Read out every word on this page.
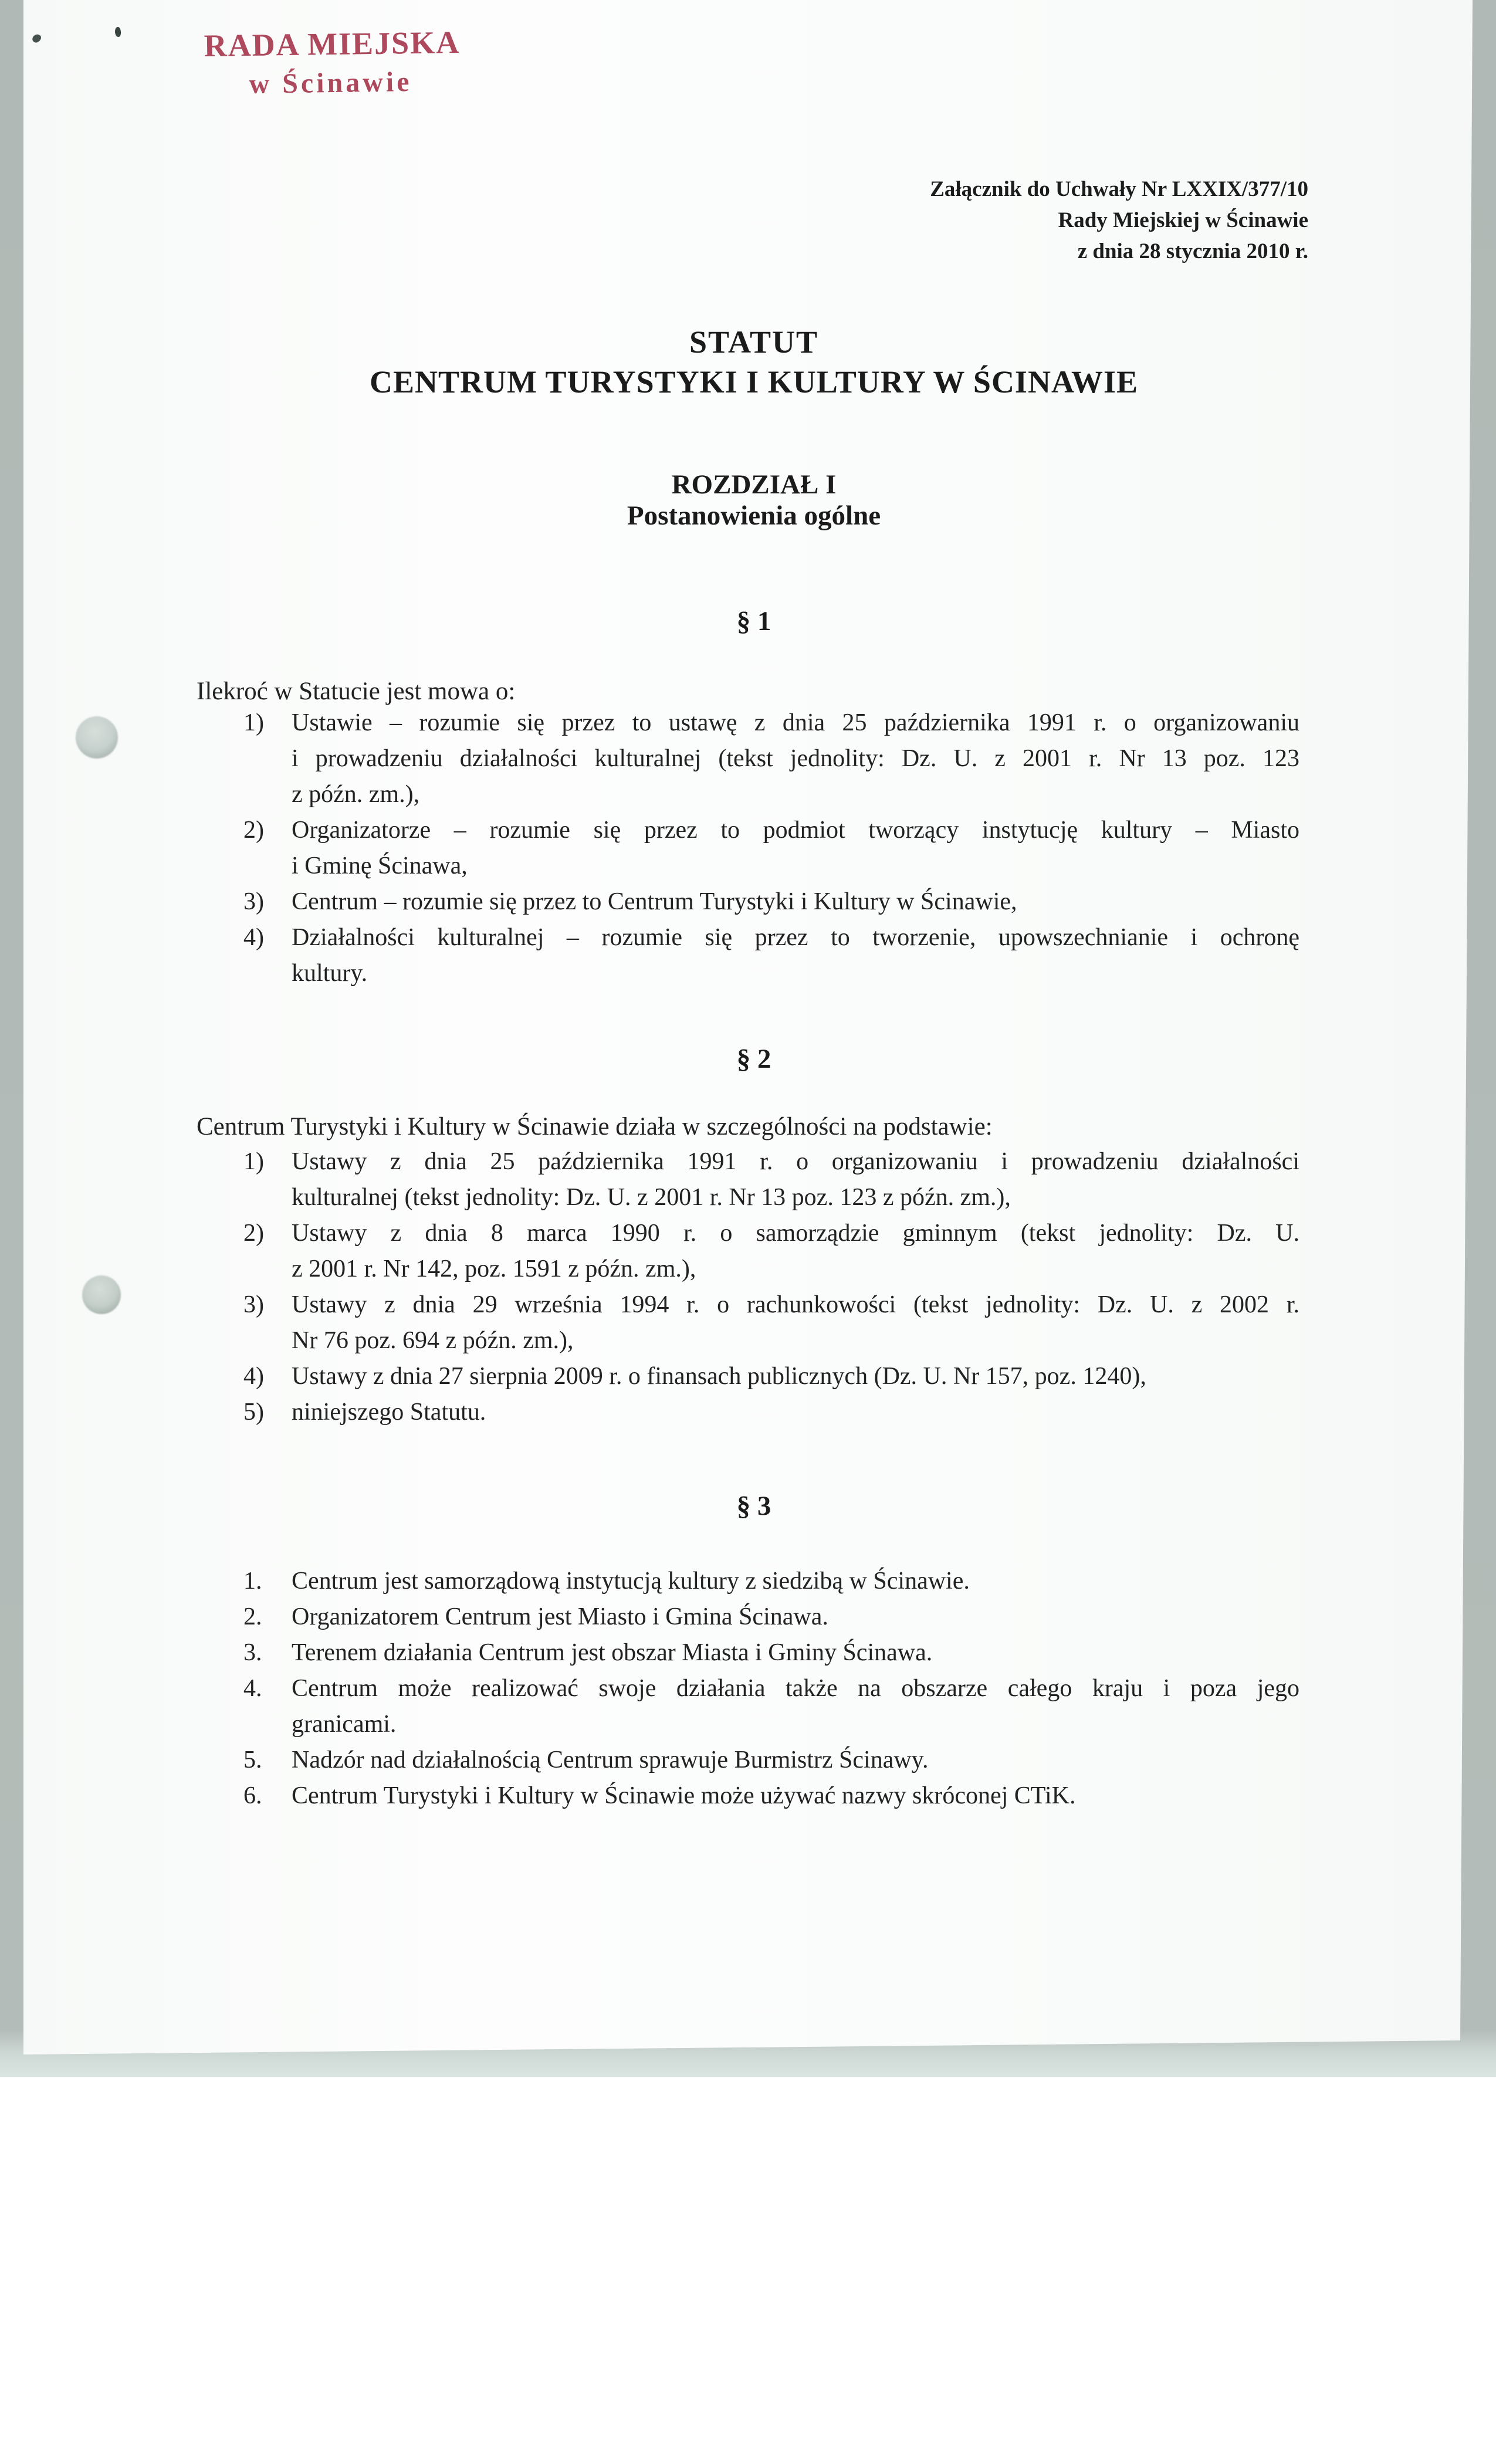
RADA MIEJSKA
w Ścinawie
Załącznik do Uchwały Nr LXXIX/377/10
Rady Miejskiej w Ścinawie
z dnia 28 stycznia 2010 r.
STATUT
CENTRUM TURYSTYKI I KULTURY W ŚCINAWIE
ROZDZIAŁ I
Postanowienia ogólne
§ 1
Ilekroć w Statucie jest mowa o:
1)	Ustawie – rozumie się przez to ustawę z dnia 25 października 1991 r. o organizowaniu
i prowadzeniu działalności kulturalnej (tekst jednolity: Dz. U. z 2001 r. Nr 13 poz. 123
z późn. zm.),
2)	Organizatorze – rozumie się przez to podmiot tworzący instytucję kultury – Miasto
i Gminę Ścinawa,
3)	Centrum – rozumie się przez to Centrum Turystyki i Kultury w Ścinawie,
4)	Działalności kulturalnej – rozumie się przez to tworzenie, upowszechnianie i ochronę
kultury.
§ 2
Centrum Turystyki i Kultury w Ścinawie działa w szczególności na podstawie:
1)	Ustawy z dnia 25 października 1991 r. o organizowaniu i prowadzeniu działalności
kulturalnej (tekst jednolity: Dz. U. z 2001 r. Nr 13 poz. 123 z późn. zm.),
2)	Ustawy z dnia 8 marca 1990 r. o samorządzie gminnym (tekst jednolity: Dz. U.
z 2001 r. Nr 142, poz. 1591 z późn. zm.),
3)	Ustawy z dnia 29 września 1994 r. o rachunkowości (tekst jednolity: Dz. U. z 2002 r.
Nr 76 poz. 694 z późn. zm.),
4)	Ustawy z dnia 27 sierpnia 2009 r. o finansach publicznych (Dz. U. Nr 157, poz. 1240),
5)	niniejszego Statutu.
§ 3
1.	Centrum jest samorządową instytucją kultury z siedzibą w Ścinawie.
2.	Organizatorem Centrum jest Miasto i Gmina Ścinawa.
3.	Terenem działania Centrum jest obszar Miasta i Gminy Ścinawa.
4.	Centrum może realizować swoje działania także na obszarze całego kraju i poza jego
granicami.
5.	Nadzór nad działalnością Centrum sprawuje Burmistrz Ścinawy.
6.	Centrum Turystyki i Kultury w Ścinawie może używać nazwy skróconej CTiK.
